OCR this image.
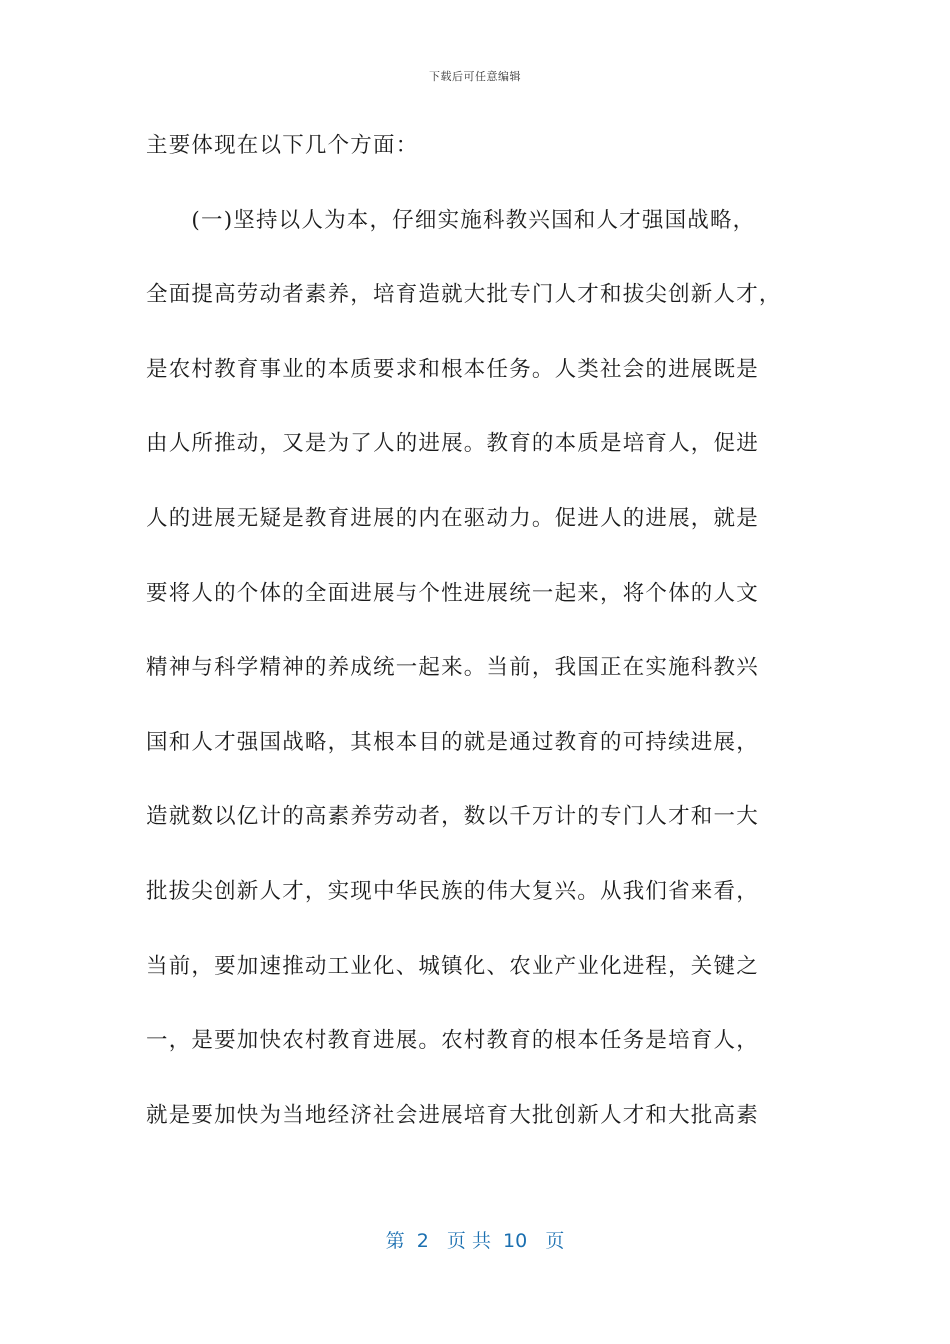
下载后可任意编辑
主要体现在以下几个方面：
　　(一)坚持以人为本，仔细实施科教兴国和人才强国战略，
全面提高劳动者素养，培育造就大批专门人才和拔尖创新人才，
是农村教育事业的本质要求和根本任务。人类社会的进展既是
由人所推动，又是为了人的进展。教育的本质是培育人，促进
人的进展无疑是教育进展的内在驱动力。促进人的进展，就是
要将人的个体的全面进展与个性进展统一起来，将个体的人文
精神与科学精神的养成统一起来。当前，我国正在实施科教兴
国和人才强国战略，其根本目的就是通过教育的可持续进展，
造就数以亿计的高素养劳动者，数以千万计的专门人才和一大
批拔尖创新人才，实现中华民族的伟大复兴。从我们省来看，
当前，要加速推动工业化、城镇化、农业产业化进程，关键之
一，是要加快农村教育进展。农村教育的根本任务是培育人，
就是要加快为当地经济社会进展培育大批创新人才和大批高素
第  2   页 共  10   页
